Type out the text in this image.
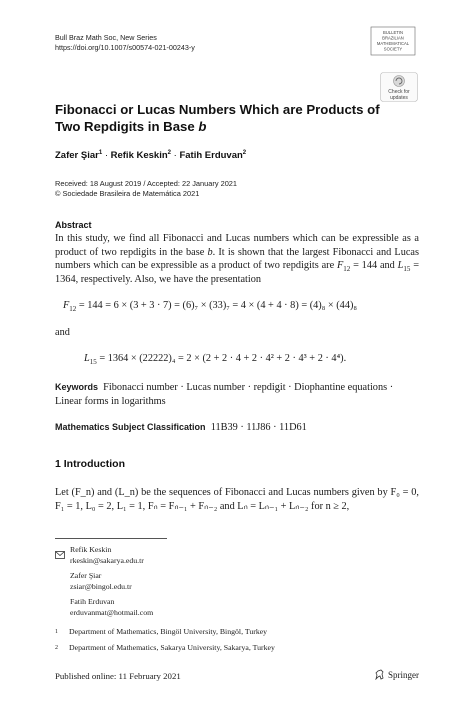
Bull Braz Math Soc, New Series
https://doi.org/10.1007/s00574-021-00243-y
BULLETIN
BRAZILIAN
MATHEMATICAL
SOCIETY
Check for
updates
Fibonacci or Lucas Numbers Which are Products of Two Repdigits in Base b
Zafer Şiar$^1$ · Refik Keskin$^2$ · Fatih Erduvan$^2$
Received: 18 August 2019 / Accepted: 22 January 2021
© Sociedade Brasileira de Matemática 2021
Abstract
In this study, we find all Fibonacci and Lucas numbers which can be expressible as a product of two repdigits in the base b. It is shown that the largest Fibonacci and Lucas numbers which can be expressible as a product of two repdigits are $F_{12} = 144$ and $L_{15} = 1364$, respectively. Also, we have the presentation
$F_{12} = 144 = 6 \times (3 + 3 \cdot 7) = (6)_7 \times (33)_7 = 4 \times (4 + 4 \cdot 8) = (4)_8 \times (44)_8$
and
$L_{15} = 1364 \times (22222)_4 = 2 \times (2 + 2 \cdot 4 + 2 \cdot 4^2 + 2 \cdot 4^3 + 2 \cdot 4^4)$.
Keywords Fibonacci number · Lucas number · repdigit · Diophantine equations · Linear forms in logarithms
Mathematics Subject Classification 11B39 · 11J86 · 11D61
1 Introduction
Let (F_n) and (L_n) be the sequences of Fibonacci and Lucas numbers given by F₀ = 0, F₁ = 1, L₀ = 2, L₁ = 1, Fₙ = Fₙ₋₁ + Fₙ₋₂ and Lₙ = Lₙ₋₁ + Lₙ₋₂ for n ≥ 2,
Refik Keskin
rkeskin@sakarya.edu.tr
Zafer Şiar
zsiar@bingol.edu.tr
Fatih Erduvan
erduvanmat@hotmail.com
1 Department of Mathematics, Bingöl University, Bingöl, Turkey
2 Department of Mathematics, Sakarya University, Sakarya, Turkey
Published online: 11 February 2021	Springer
